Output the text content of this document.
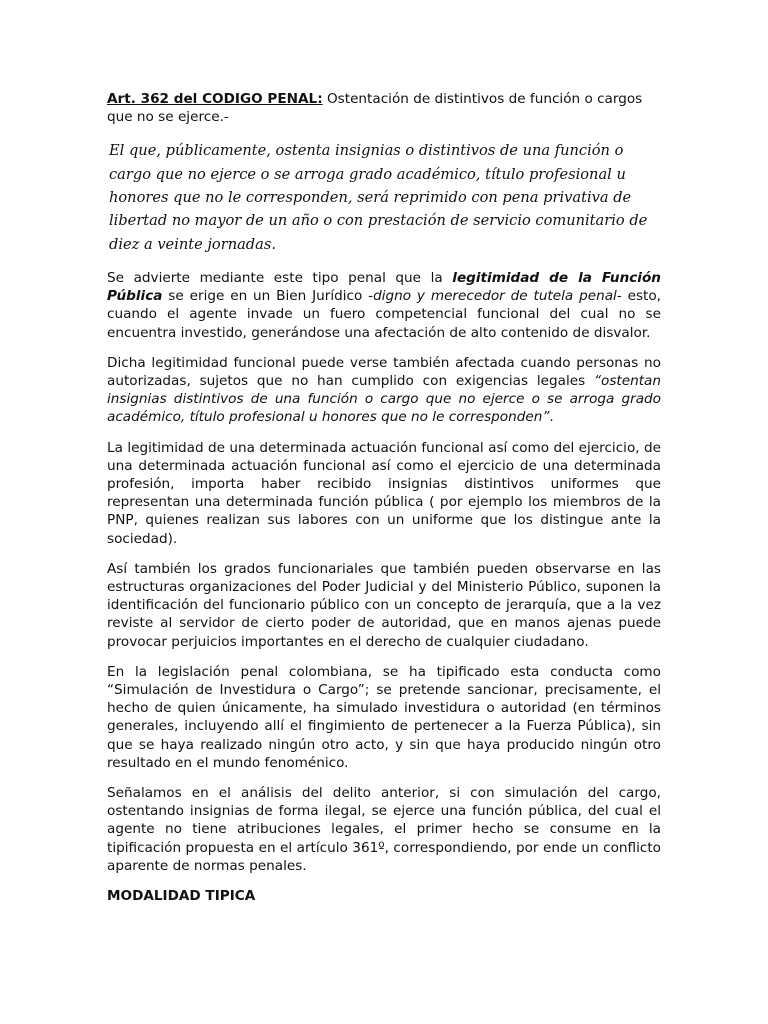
Art. 362 del CODIGO PENAL: Ostentación de distintivos de función o cargos que no se ejerce.-

El que, públicamente, ostenta insignias o distintivos de una función o cargo que no ejerce o se arroga grado académico, título profesional u honores que no le corresponden, será reprimido con pena privativa de libertad no mayor de un año o con prestación de servicio comunitario de diez a veinte jornadas.

Se advierte mediante este tipo penal que la legitimidad de la Función Pública se erige en un Bien Jurídico -digno y merecedor de tutela penal- esto, cuando el agente invade un fuero competencial funcional del cual no se encuentra investido, generándose una afectación de alto contenido de disvalor.

Dicha legitimidad funcional puede verse también afectada cuando personas no autorizadas, sujetos que no han cumplido con exigencias legales “ostentan insignias distintivos de una función o cargo que no ejerce o se arroga grado académico, título profesional u honores que no le corresponden”.

La legitimidad de una determinada actuación funcional así como del ejercicio, de una determinada actuación funcional así como el ejercicio de una determinada profesión, importa haber recibido insignias distintivos uniformes que representan una determinada función pública ( por ejemplo los miembros de la PNP, quienes realizan sus labores con un uniforme que los distingue ante la sociedad).

Así también los grados funcionariales que también pueden observarse en las estructuras organizaciones del Poder Judicial y del Ministerio Público, suponen la identificación del funcionario público con un concepto de jerarquía, que a la vez reviste al servidor de cierto poder de autoridad, que en manos ajenas puede provocar perjuicios importantes en el derecho de cualquier ciudadano.

En la legislación penal colombiana, se ha tipificado esta conducta como “Simulación de Investidura o Cargo”; se pretende sancionar, precisamente, el hecho de quien únicamente, ha simulado investidura o autoridad (en términos generales, incluyendo allí el fingimiento de pertenecer a la Fuerza Pública), sin que se haya realizado ningún otro acto, y sin que haya producido ningún otro resultado en el mundo fenoménico.

Señalamos en el análisis del delito anterior, si con simulación del cargo, ostentando insignias de forma ilegal, se ejerce una función pública, del cual el agente no tiene atribuciones legales, el primer hecho se consume en la tipificación propuesta en el artículo 361º, correspondiendo, por ende un conflicto aparente de normas penales.

MODALIDAD TIPICA
